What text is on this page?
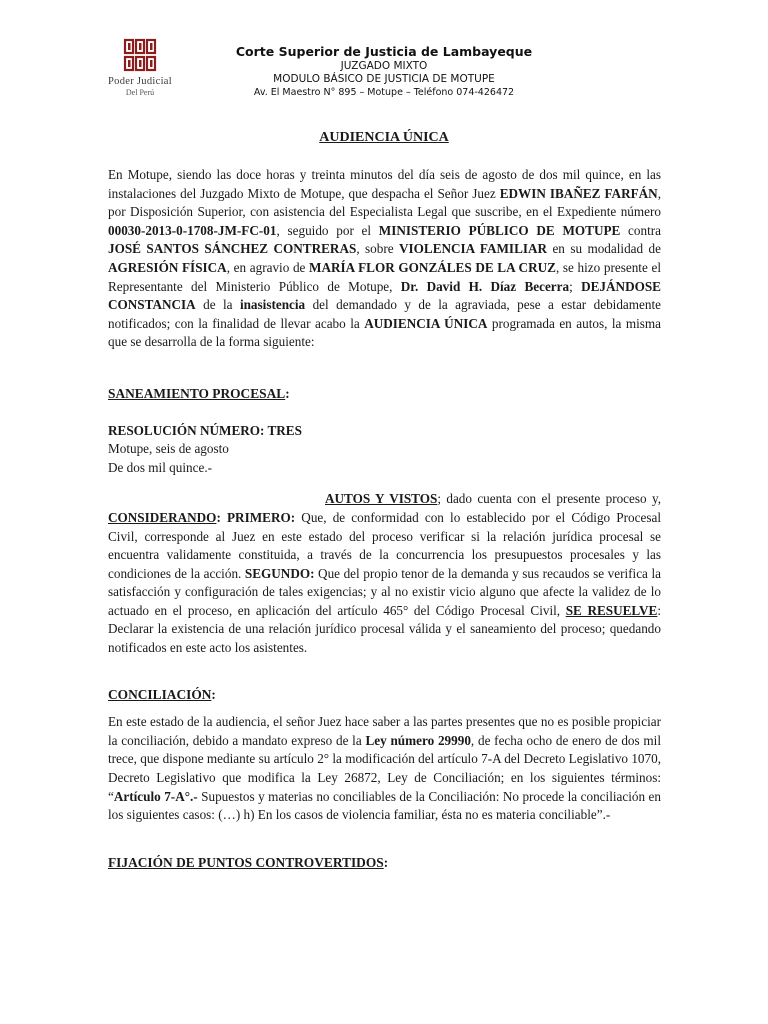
Poder Judicial
Del Perú
Corte Superior de Justicia de Lambayeque
JUZGADO MIXTO
MODULO BÁSICO DE JUSTICIA DE MOTUPE
Av. El Maestro N° 895 – Motupe – Teléfono 074-426472
AUDIENCIA ÚNICA

En Motupe, siendo las doce horas y treinta minutos del día seis de agosto de dos mil quince, en las instalaciones del Juzgado Mixto de Motupe, que despacha el Señor Juez EDWIN IBAÑEZ FARFÁN, por Disposición Superior, con asistencia del Especialista Legal que suscribe, en el Expediente número 00030-2013-0-1708-JM-FC-01, seguido por el MINISTERIO PÚBLICO DE MOTUPE contra JOSÉ SANTOS SÁNCHEZ CONTRERAS, sobre VIOLENCIA FAMILIAR en su modalidad de AGRESIÓN FÍSICA, en agravio de MARÍA FLOR GONZÁLES DE LA CRUZ, se hizo presente el Representante del Ministerio Público de Motupe, Dr. David H. Díaz Becerra; DEJÁNDOSE CONSTANCIA de la inasistencia del demandado y de la agraviada, pese a estar debidamente notificados; con la finalidad de llevar acabo la AUDIENCIA ÚNICA programada en autos, la misma que se desarrolla de la forma siguiente:

SANEAMIENTO PROCESAL:

RESOLUCIÓN NÚMERO: TRES
Motupe, seis de agosto
De dos mil quince.-

AUTOS Y VISTOS; dado cuenta con el presente proceso y, CONSIDERANDO: PRIMERO: Que, de conformidad con lo establecido por el Código Procesal Civil, corresponde al Juez en este estado del proceso verificar si la relación jurídica procesal se encuentra validamente constituida, a través de la concurrencia los presupuestos procesales y las condiciones de la acción. SEGUNDO: Que del propio tenor de la demanda y sus recaudos se verifica la satisfacción y configuración de tales exigencias; y al no existir vicio alguno que afecte la validez de lo actuado en el proceso, en aplicación del artículo 465° del Código Procesal Civil, SE RESUELVE: Declarar la existencia de una relación jurídico procesal válida y el saneamiento del proceso; quedando notificados en este acto los asistentes.

CONCILIACIÓN:

En este estado de la audiencia, el señor Juez hace saber a las partes presentes que no es posible propiciar la conciliación, debido a mandato expreso de la Ley número 29990, de fecha ocho de enero de dos mil trece, que dispone mediante su artículo 2° la modificación del artículo 7-A del Decreto Legislativo 1070, Decreto Legislativo que modifica la Ley 26872, Ley de Conciliación; en los siguientes términos: “Artículo 7-A°.- Supuestos y materias no conciliables de la Conciliación: No procede la conciliación en los siguientes casos: (…) h) En los casos de violencia familiar, ésta no es materia conciliable”.-

FIJACIÓN DE PUNTOS CONTROVERTIDOS:
